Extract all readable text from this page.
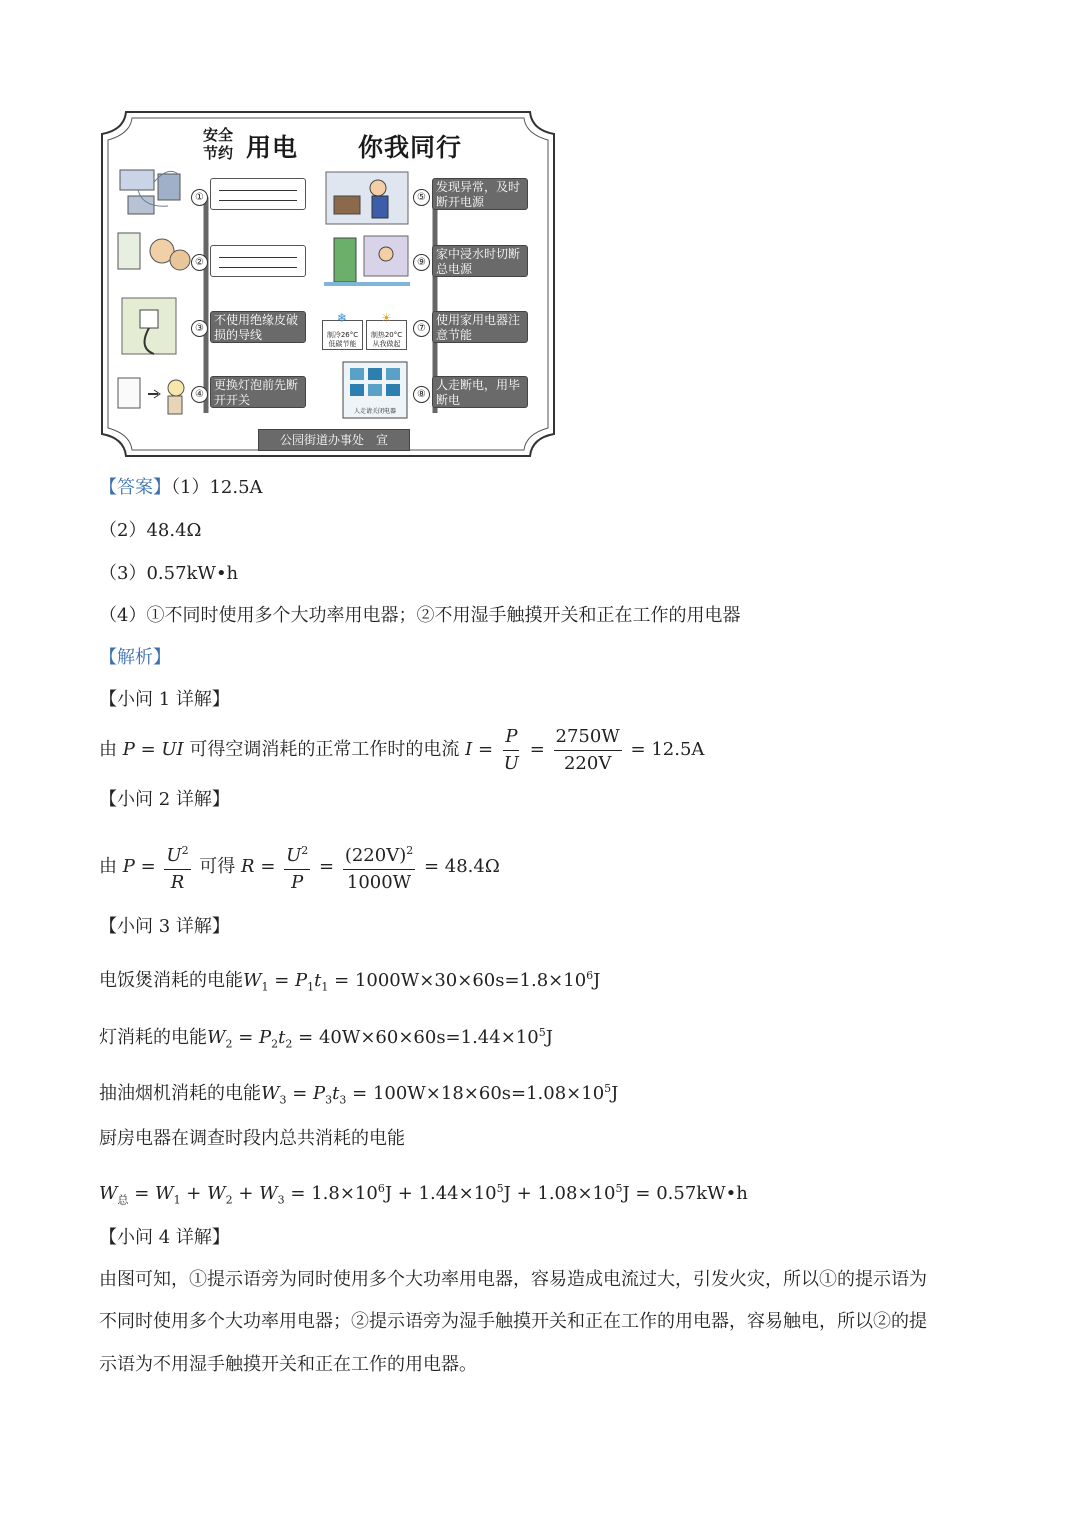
安全
节约 用电 你我同行
①
②
③
不使用绝缘皮破损的导线
④
更换灯泡前先断开开关
⑤
发现异常，及时断开电源
⑨
家中浸水时切断总电源
⑦
使用家用电器注意节能
⑧
人走断电，用毕断电
❄
制冷26°C
低碳节能
☀
制热20°C
从我做起
人走请关闭电器
公园街道办事处　宣
【答案】（1）12.5A
（2）48.4Ω
（3）0.57kW•h
（4）①不同时使用多个大功率用电器；②不用湿手触摸开关和正在工作的用电器
【解析】
【小问 1 详解】
由 P = UI 可得空调消耗的正常工作时的电流 $I = \frac{P}{U} = \frac{2750W}{220V} = 12.5A$
【小问 2 详解】
由 $P = \frac{U^2}{R}$ 可得 $R = \frac{U^2}{P} = \frac{(220V)^2}{1000W} = 48.4\Omega$
【小问 3 详解】
电饭煲消耗的电能$W_1 = P_1t_1 = 1000W\times 30\times 60s=1.8\times 10^6J$
灯消耗的电能$W_2 = P_2t_2 = 40W\times 60\times 60s=1.44\times 10^5J$
抽油烟机消耗的电能$W_3 = P_3t_3 = 100W\times 18\times 60s=1.08\times 10^5J$
厨房电器在调查时段内总共消耗的电能
$W_总 = W_1 + W_2 + W_3 = 1.8\times 10^6J + 1.44\times 10^5J + 1.08\times 10^5J$ = 0.57kW•h
【小问 4 详解】
由图可知，①提示语旁为同时使用多个大功率用电器，容易造成电流过大，引发火灾，所以①的提示语为
不同时使用多个大功率用电器；②提示语旁为湿手触摸开关和正在工作的用电器，容易触电，所以②的提
示语为不用湿手触摸开关和正在工作的用电器。
